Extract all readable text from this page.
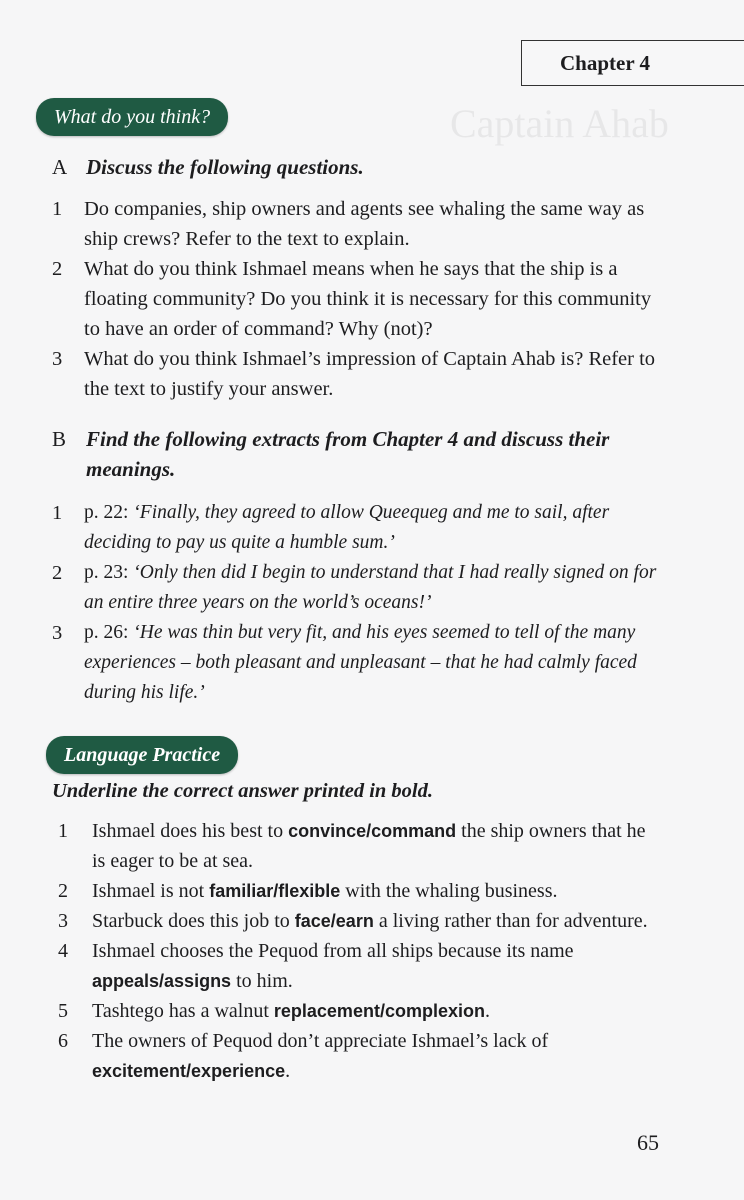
Captain Ahab
Chapter 4
What do you think?
A Discuss the following questions.
1	Do companies, ship owners and agents see whaling the same way as ship crews? Refer to the text to explain.
2	What do you think Ishmael means when he says that the ship is a floating community? Do you think it is necessary for this community to have an order of command? Why (not)?
3	What do you think Ishmael’s impression of Captain Ahab is? Refer to the text to justify your answer.
B Find the following extracts from Chapter 4 and discuss their
meanings.
1	p. 22: ‘Finally, they agreed to allow Queequeg and me to sail, after deciding to pay us quite a humble sum.’
2	p. 23: ‘Only then did I begin to understand that I had really signed on for an entire three years on the world’s oceans!’
3	p. 26: ‘He was thin but very fit, and his eyes seemed to tell of the many experiences – both pleasant and unpleasant – that he had calmly faced during his life.’
Language Practice
Underline the correct answer printed in bold.
1	Ishmael does his best to convince/command the ship owners that he is eager to be at sea.
2	Ishmael is not familiar/flexible with the whaling business.
3	Starbuck does this job to face/earn a living rather than for adventure.
4	Ishmael chooses the Pequod from all ships because its name appeals/assigns to him.
5	Tashtego has a walnut replacement/complexion.
6	The owners of Pequod don’t appreciate Ishmael’s lack of excitement/experience.
65
